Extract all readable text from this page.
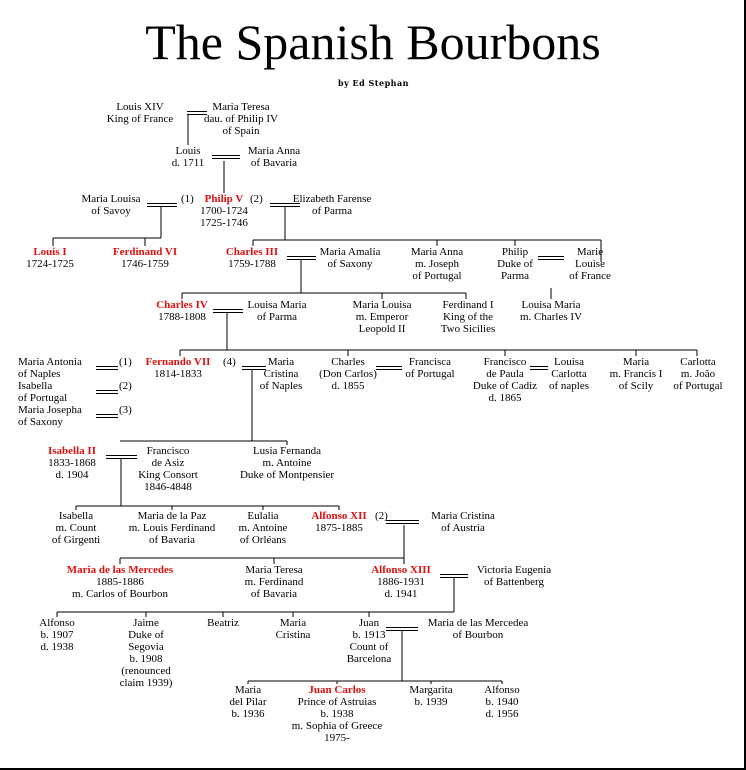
The Spanish Bourbons
by Ed Stephan
Louis XIV
King of France
Maria Teresa
dau. of Philip IV
of Spain
Louis
d. 1711
Maria Anna
of Bavaria
Maria Louisa
of Savoy
Philip V
1700-1724
1725-1746
Elizabeth Farense
of Parma
Louis I
1724-1725
Ferdinand VI
1746-1759
Charles III
1759-1788
Maria Amalia
of Saxony
Maria Anna
m. Joseph
of Portugal
Philip
Duke of
Parma
Marie
Louise
of France
Charles IV
1788-1808
Louisa Maria
of Parma
Maria Louisa
m. Emperor
Leopold II
Ferdinand I
King of the
Two Sicilies
Louisa Maria
m. Charles IV
Maria Antonia
of Naples
Isabella
of Portugal
Maria Josepha
of Saxony
Fernando VII
1814-1833
Maria
Cristina
of Naples
Charles
(Don Carlos)
d. 1855
Francisca
of Portugal
Francisco
de Paula
Duke of Cadiz
d. 1865
Louisa
Carlotta
of naples
Maria
m. Francis I
of Scily
Carlotta
m. João
of Portugal
Isabella II
1833-1868
d. 1904
Francisco
de Asiz
King Consort
1846-4848
Lusia Fernanda
m. Antoine
Duke of Montpensier
Isabella
m. Count
of Girgenti
Maria de la Paz
m. Louis Ferdinand
of Bavaria
Eulalia
m. Antoine
of Orléans
Alfonso XII
1875-1885
Maria Cristina
of Austria
Maria de las Mercedes
1885-1886
m. Carlos of Bourbon
Maria Teresa
m. Ferdinand
of Bavaria
Alfonso XIII
1886-1931
d. 1941
Victoria Eugenia
of Battenberg
Alfonso
b. 1907
d. 1938
Jaime
Duke of
Segovia
b. 1908
(renounced
claim 1939)
Beatriz	Maria
Cristina
Juan
b. 1913
Count of
Barcelona
Maria de las Mercedea
of Bourbon
Maria
del Pilar
b. 1936
Juan Carlos
Prince of Astruias
b. 1938
m. Sophia of Greece
1975-
Margarita
b. 1939
Alfonso
b. 1940
d. 1956
(1)	(2)
(4)
(1)
(2)
(3)
(2)
